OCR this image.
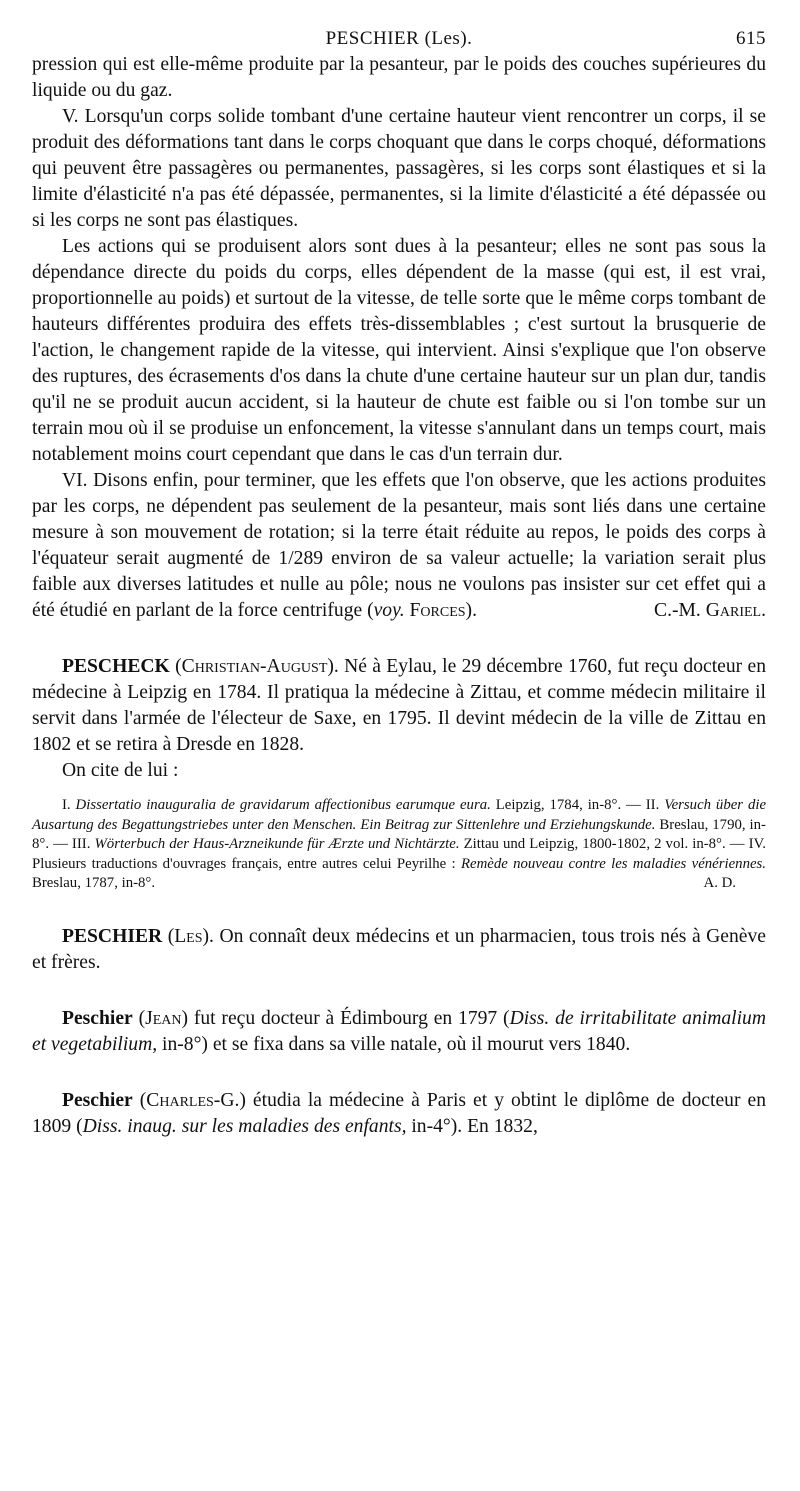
PESCHIER (Les).	615

pression qui est elle-même produite par la pesanteur, par le poids des couches supérieures du liquide ou du gaz.

V. Lorsqu'un corps solide tombant d'une certaine hauteur vient rencontrer un corps, il se produit des déformations tant dans le corps choquant que dans le corps choqué, déformations qui peuvent être passagères ou permanentes, passagères, si les corps sont élastiques et si la limite d'élasticité n'a pas été dépassée, permanentes, si la limite d'élasticité a été dépassée ou si les corps ne sont pas élastiques.

Les actions qui se produisent alors sont dues à la pesanteur; elles ne sont pas sous la dépendance directe du poids du corps, elles dépendent de la masse (qui est, il est vrai, proportionnelle au poids) et surtout de la vitesse, de telle sorte que le même corps tombant de hauteurs différentes produira des effets très-dissemblables ; c'est surtout la brusquerie de l'action, le changement rapide de la vitesse, qui intervient. Ainsi s'explique que l'on observe des ruptures, des écrasements d'os dans la chute d'une certaine hauteur sur un plan dur, tandis qu'il ne se produit aucun accident, si la hauteur de chute est faible ou si l'on tombe sur un terrain mou où il se produise un enfoncement, la vitesse s'annulant dans un temps court, mais notablement moins court cependant que dans le cas d'un terrain dur.

VI. Disons enfin, pour terminer, que les effets que l'on observe, que les actions produites par les corps, ne dépendent pas seulement de la pesanteur, mais sont liés dans une certaine mesure à son mouvement de rotation; si la terre était réduite au repos, le poids des corps à l'équateur serait augmenté de 1/289 environ de sa valeur actuelle; la variation serait plus faible aux diverses latitudes et nulle au pôle; nous ne voulons pas insister sur cet effet qui a été étudié en parlant de la force centrifuge (voy. Forces).	C.-M. Gariel.

PESCHECK (Christian-August). Né à Eylau, le 29 décembre 1760, fut reçu docteur en médecine à Leipzig en 1784. Il pratiqua la médecine à Zittau, et comme médecin militaire il servit dans l'armée de l'électeur de Saxe, en 1795. Il devint médecin de la ville de Zittau en 1802 et se retira à Dresde en 1828.

On cite de lui :

I. Dissertatio inauguralia de gravidarum affectionibus earumque eura. Leipzig, 1784, in-8°. — II. Versuch über die Ausartung des Begattungstriebes unter den Menschen. Ein Beitrag zur Sittenlehre und Erziehungskunde. Breslau, 1790, in-8°. — III. Wörterbuch der Haus-Arzneikunde für Ærzte und Nichtärzte. Zittau und Leipzig, 1800-1802, 2 vol. in-8°. — IV. Plusieurs traductions d'ouvrages français, entre autres celui Peyrilhe : Remède nouveau contre les maladies vénériennes. Breslau, 1787, in-8°.	A. D.

PESCHIER (Les). On connaît deux médecins et un pharmacien, tous trois nés à Genève et frères.

Peschier (Jean) fut reçu docteur à Édimbourg en 1797 (Diss. de irritabilitate animalium et vegetabilium, in-8°) et se fixa dans sa ville natale, où il mourut vers 1840.

Peschier (Charles-G.) étudia la médecine à Paris et y obtint le diplôme de docteur en 1809 (Diss. inaug. sur les maladies des enfants, in-4°). En 1832,
